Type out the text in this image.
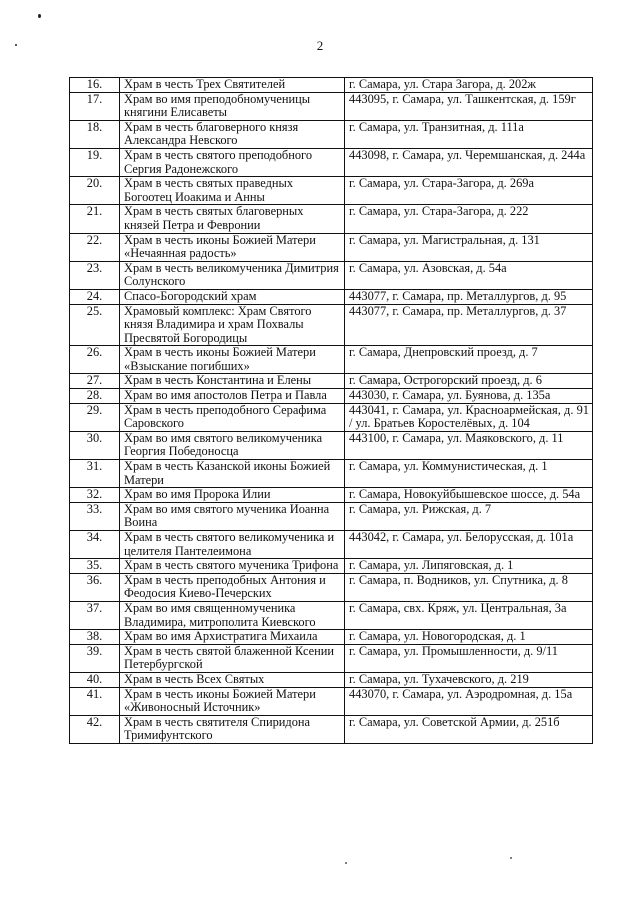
2
16.	Храм в честь Трех Святителей	г. Самара, ул. Стара Загора, д. 202ж
17.	Храм во имя преподобномученицы княгини Елисаветы	443095, г. Самара, ул. Ташкентская, д. 159г
18.	Храм в честь благоверного князя Александра Невского	г. Самара, ул. Транзитная, д. 111а
19.	Храм в честь святого преподобного Сергия Радонежского	443098, г. Самара, ул. Черемшанская, д. 244а
20.	Храм в честь святых праведных Богоотец Иоакима и Анны	г. Самара, ул. Стара-Загора, д. 269а
21.	Храм в честь святых благоверных князей Петра и Февронии	г. Самара, ул. Стара-Загора, д. 222
22.	Храм в честь иконы Божией Матери «Нечаянная радость»	г. Самара, ул. Магистральная, д. 131
23.	Храм в честь великомученика Димитрия Солунского	г. Самара, ул. Азовская, д. 54а
24.	Спасо-Богородский храм	443077, г. Самара, пр. Металлургов, д. 95
25.	Храмовый комплекс: Храм Святого князя Владимира и храм Похвалы Пресвятой Богородицы	443077, г. Самара, пр. Металлургов, д. 37
26.	Храм в честь иконы Божией Матери «Взыскание погибших»	г. Самара, Днепровский проезд, д. 7
27.	Храм в честь Константина и Елены	г. Самара, Острогорский проезд, д. 6
28.	Храм во имя апостолов Петра и Павла	443030, г. Самара, ул. Буянова, д. 135а
29.	Храм в честь преподобного Серафима Саровского	443041, г. Самара, ул. Красноармейская, д. 91 / ул. Братьев Коростелёвых, д. 104
30.	Храм во имя святого великомученика Георгия Победоносца	443100, г. Самара, ул. Маяковского, д. 11
31.	Храм в честь Казанской иконы Божией Матери	г. Самара, ул. Коммунистическая, д. 1
32.	Храм во имя Пророка Илии	г. Самара, Новокуйбышевское шоссе, д. 54а
33.	Храм во имя святого мученика Иоанна Воина	г. Самара, ул. Рижская, д. 7
34.	Храм в честь святого великомученика и целителя Пантелеимона	443042, г. Самара, ул. Белорусская, д. 101а
35.	Храм в честь святого мученика Трифона	г. Самара, ул. Липяговская, д. 1
36.	Храм в честь преподобных Антония и Феодосия Киево-Печерских	г. Самара, п. Водников, ул. Спутника, д. 8
37.	Храм во имя священномученика Владимира, митрополита Киевского	г. Самара, свх. Кряж, ул. Центральная, 3а
38.	Храм во имя Архистратига Михаила	г. Самара, ул. Новогородская, д. 1
39.	Храм в честь святой блаженной Ксении Петербургской	г. Самара, ул. Промышленности, д. 9/11
40.	Храм в честь Всех Святых	г. Самара, ул. Тухачевского, д. 219
41.	Храм в честь иконы Божией Матери «Живоносный Источник»	443070, г. Самара, ул. Аэродромная, д. 15а
42.	Храм в честь святителя Спиридона Тримифунтского	г. Самара, ул. Советской Армии, д. 251б
